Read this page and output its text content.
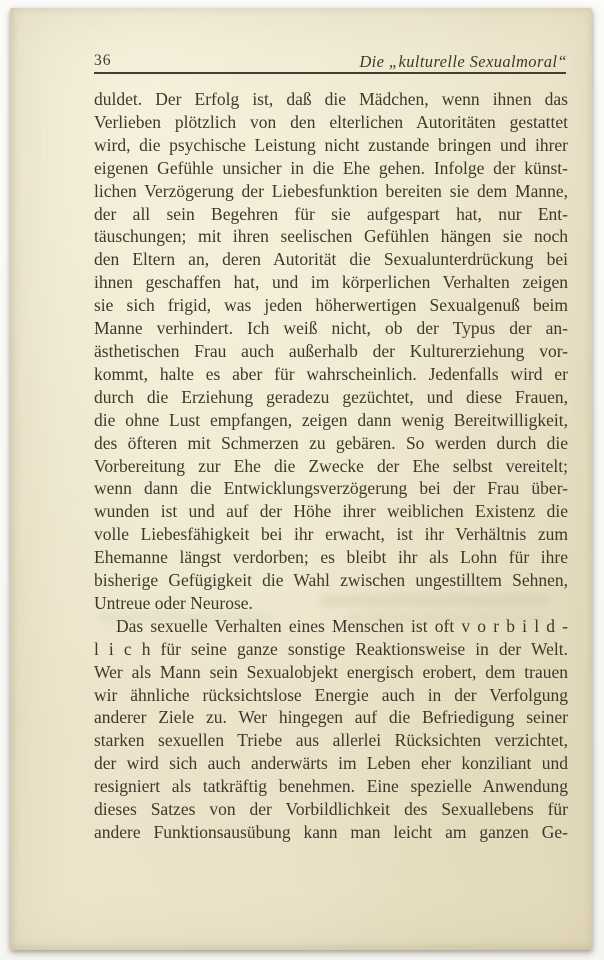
36	Die „kulturelle Sexualmoral“
duldet. Der Erfolg ist, daß die Mädchen, wenn ihnen das
Verlieben plötzlich von den elterlichen Autoritäten gestattet
wird, die psychische Leistung nicht zustande bringen und ihrer
eigenen Gefühle unsicher in die Ehe gehen. Infolge der künst-
lichen Verzögerung der Liebesfunktion bereiten sie dem Manne,
der all sein Begehren für sie aufgespart hat, nur Ent-
täuschungen; mit ihren seelischen Gefühlen hängen sie noch
den Eltern an, deren Autorität die Sexualunterdrückung bei
ihnen geschaffen hat, und im körperlichen Verhalten zeigen
sie sich frigid, was jeden höherwertigen Sexualgenuß beim
Manne verhindert. Ich weiß nicht, ob der Typus der an-
ästhetischen Frau auch außerhalb der Kulturerziehung vor-
kommt, halte es aber für wahrscheinlich. Jedenfalls wird er
durch die Erziehung geradezu gezüchtet, und diese Frauen,
die ohne Lust empfangen, zeigen dann wenig Bereitwilligkeit,
des öfteren mit Schmerzen zu gebären. So werden durch die
Vorbereitung zur Ehe die Zwecke der Ehe selbst vereitelt;
wenn dann die Entwicklungsverzögerung bei der Frau über-
wunden ist und auf der Höhe ihrer weiblichen Existenz die
volle Liebesfähigkeit bei ihr erwacht, ist ihr Verhältnis zum
Ehemanne längst verdorben; es bleibt ihr als Lohn für ihre
bisherige Gefügigkeit die Wahl zwischen ungestilltem Sehnen,
Untreue oder Neurose.
Das sexuelle Verhalten eines Menschen ist oft v o r b i l d -
l i c h für seine ganze sonstige Reaktionsweise in der Welt.
Wer als Mann sein Sexualobjekt energisch erobert, dem trauen
wir ähnliche rücksichtslose Energie auch in der Verfolgung
anderer Ziele zu. Wer hingegen auf die Befriedigung seiner
starken sexuellen Triebe aus allerlei Rücksichten verzichtet,
der wird sich auch anderwärts im Leben eher konziliant und
resigniert als tatkräftig benehmen. Eine spezielle Anwendung
dieses Satzes von der Vorbildlichkeit des Sexuallebens für
andere Funktionsausübung kann man leicht am ganzen Ge-
